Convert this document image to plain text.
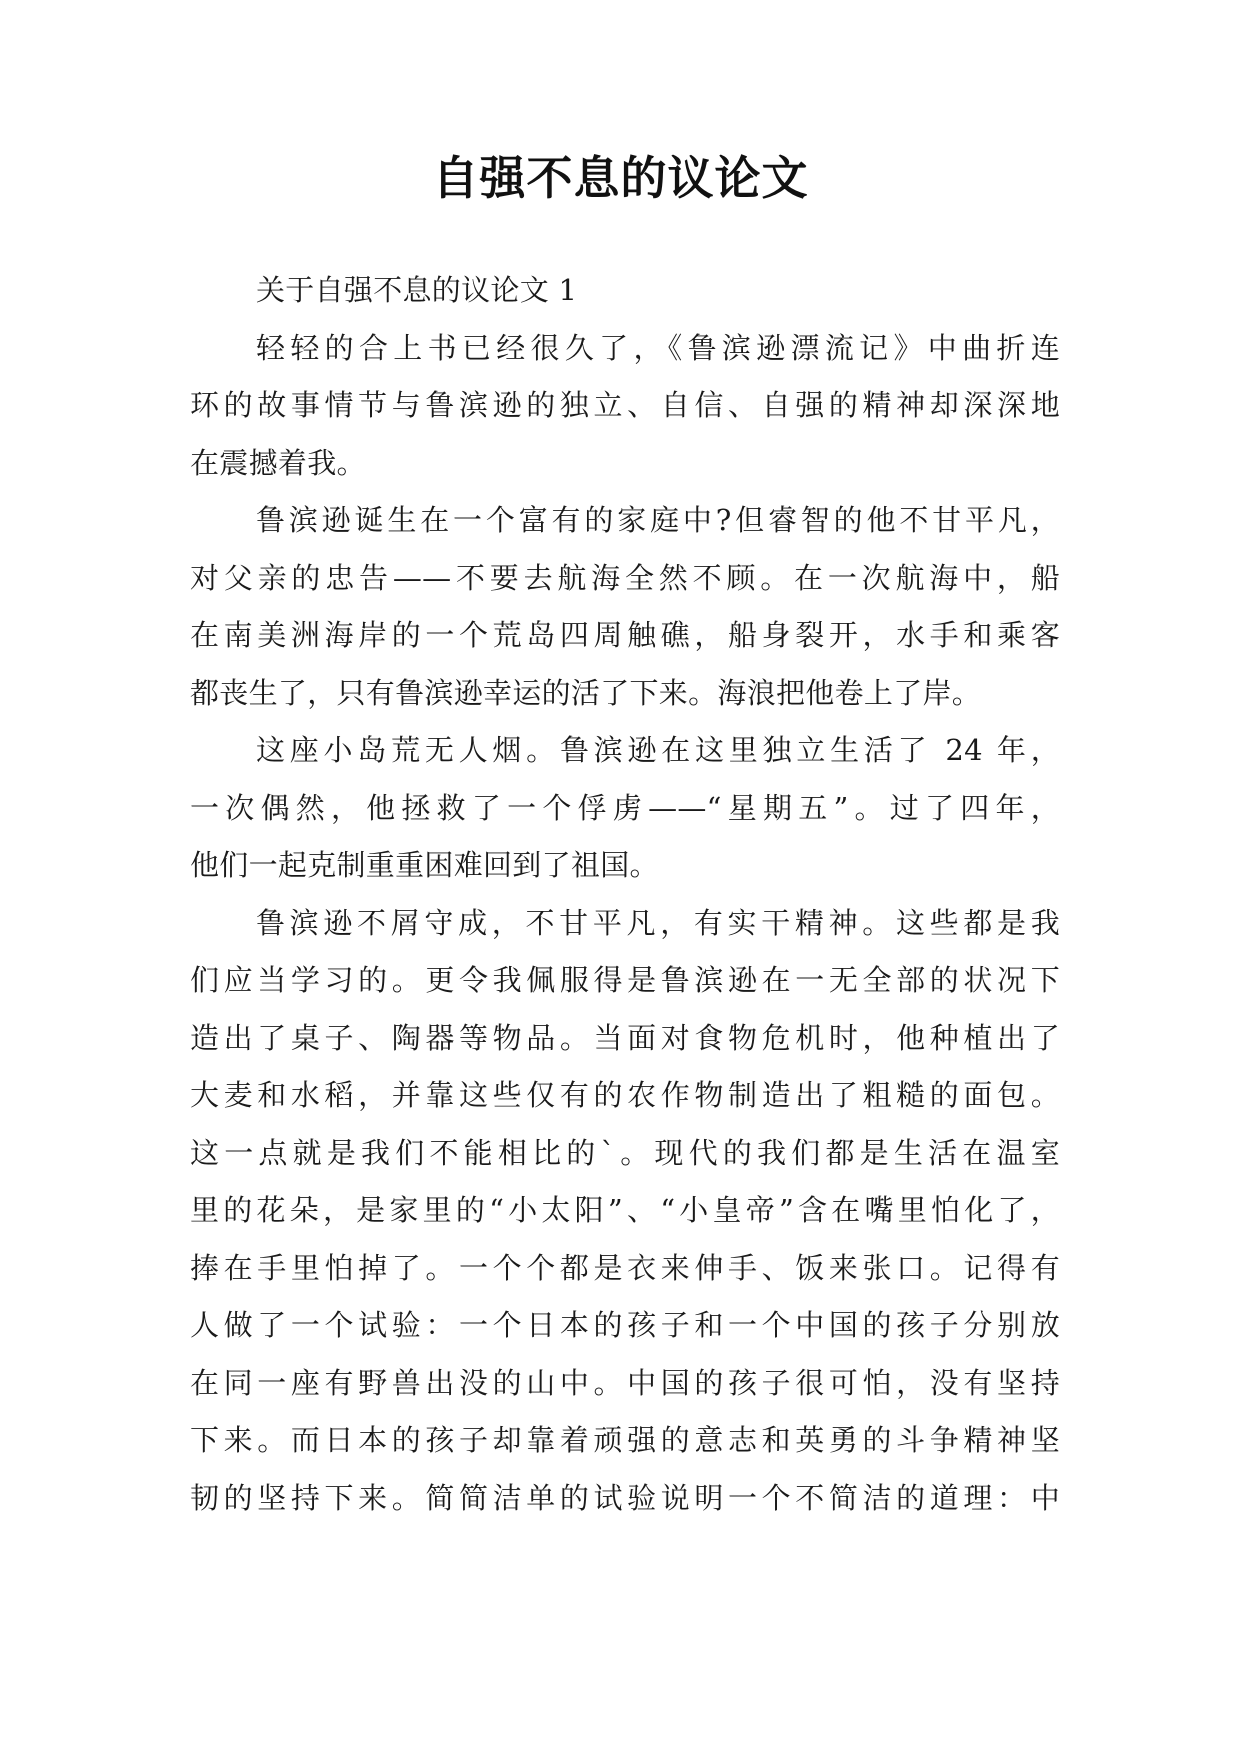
自强不息的议论文
关于自强不息的议论文 1
轻轻的合上书已经很久了，《鲁滨逊漂流记》中曲折连
环的故事情节与鲁滨逊的独立、自信、自强的精神却深深地
在震撼着我。
鲁滨逊诞生在一个富有的家庭中?但睿智的他不甘平凡，
对父亲的忠告——不要去航海全然不顾。在一次航海中，船
在南美洲海岸的一个荒岛四周触礁，船身裂开，水手和乘客
都丧生了，只有鲁滨逊幸运的活了下来。海浪把他卷上了岸。
这座小岛荒无人烟。鲁滨逊在这里独立生活了 24 年，
一次偶然，他拯救了一个俘虏——“星期五”。过了四年，
他们一起克制重重困难回到了祖国。
鲁滨逊不屑守成，不甘平凡，有实干精神。这些都是我
们应当学习的。更令我佩服得是鲁滨逊在一无全部的状况下
造出了桌子、陶器等物品。当面对食物危机时，他种植出了
大麦和水稻，并靠这些仅有的农作物制造出了粗糙的面包。
这一点就是我们不能相比的`。现代的我们都是生活在温室
里的花朵，是家里的“小太阳”、“小皇帝”含在嘴里怕化了，
捧在手里怕掉了。一个个都是衣来伸手、饭来张口。记得有
人做了一个试验：一个日本的孩子和一个中国的孩子分别放
在同一座有野兽出没的山中。中国的孩子很可怕，没有坚持
下来。而日本的孩子却靠着顽强的意志和英勇的斗争精神坚
韧的坚持下来。简简洁单的试验说明一个不简洁的道理：中
